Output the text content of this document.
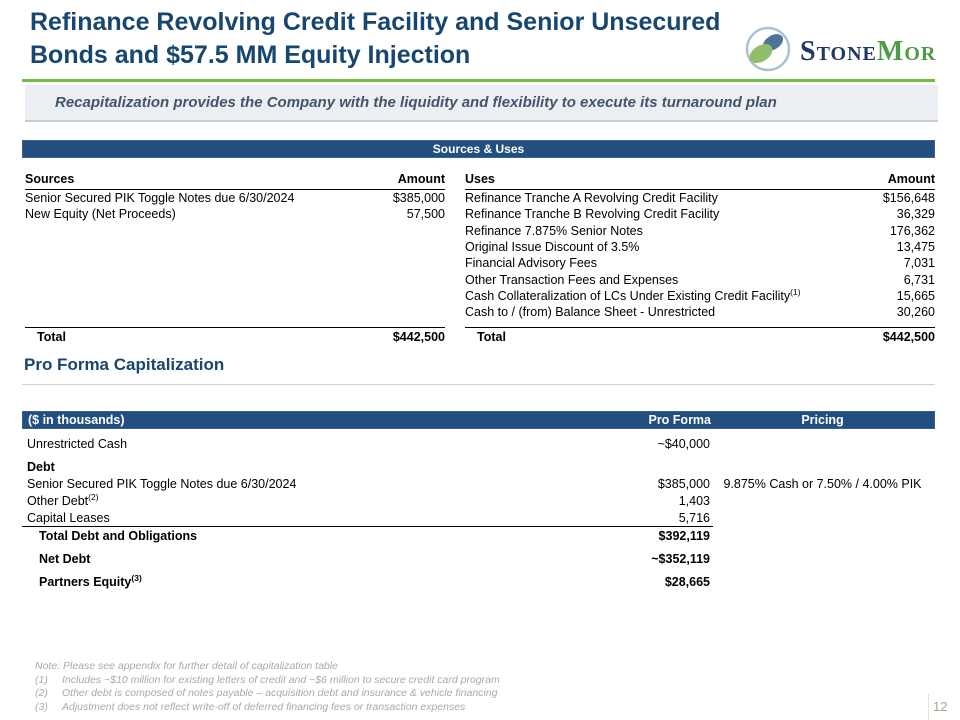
Refinance Revolving Credit Facility and Senior Unsecured Bonds and $57.5 MM Equity Injection	StoneMor
Recapitalization provides the Company with the liquidity and flexibility to execute its turnaround plan
Sources & Uses
Sources	Amount
Senior Secured PIK Toggle Notes due 6/30/2024	$385,000
New Equity (Net Proceeds)	57,500
Total	$442,500
Uses	Amount
Refinance Tranche A Revolving Credit Facility	$156,648
Refinance Tranche B Revolving Credit Facility	36,329
Refinance 7.875% Senior Notes	176,362
Original Issue Discount of 3.5%	13,475
Financial Advisory Fees	7,031
Other Transaction Fees and Expenses	6,731
Cash Collateralization of LCs Under Existing Credit Facility$^{(1)}$	15,665
Cash to / (from) Balance Sheet - Unrestricted	30,260
Total	$442,500
Pro Forma Capitalization
($ in thousands)	Pro Forma	Pricing
Unrestricted Cash	~$40,000
Debt
Senior Secured PIK Toggle Notes due 6/30/2024	$385,000	9.875% Cash or 7.50% / 4.00% PIK
Other Debt$^{(2)}$	1,403
Capital Leases	5,716
Total Debt and Obligations	$392,119
Net Debt	~$352,119
Partners Equity$^{(3)}$	$28,665
Note: Please see appendix for further detail of capitalization table
(1)	Includes ~$10 million for existing letters of credit and ~$6 million to secure credit card program
(2)	Other debt is composed of notes payable – acquisition debt and insurance & vehicle financing
(3)	Adjustment does not reflect write-off of deferred financing fees or transaction expenses	12
